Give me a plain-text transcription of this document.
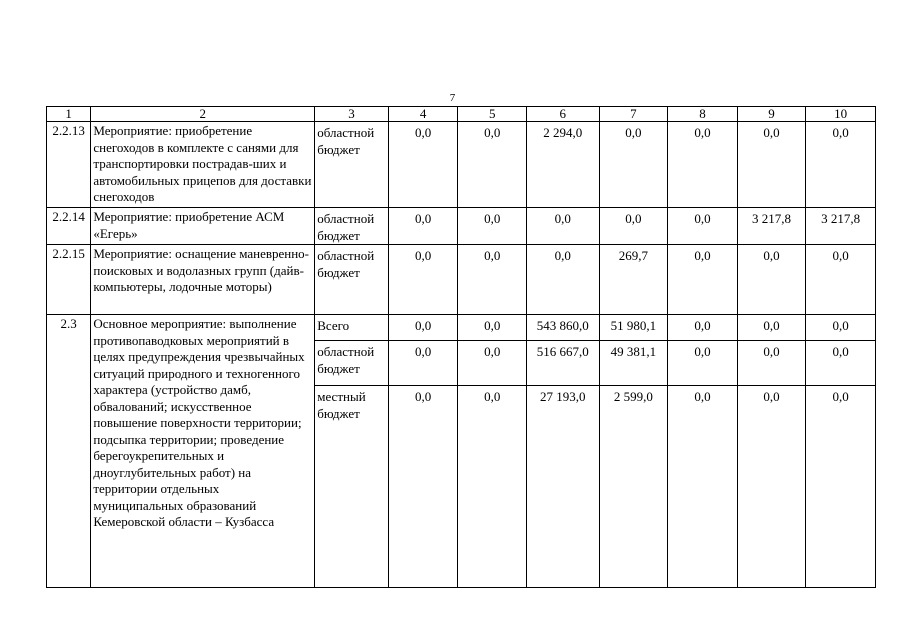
7
1	2	3	4	5	6	7	8	9	10
2.2.13	Мероприятие: приобретение снегоходов в комплекте с санями для транспортировки пострадав-ших и автомобильных прицепов для доставки снегоходов	областной бюджет	0,0	0,0	2 294,0	0,0	0,0	0,0	0,0
2.2.14	Мероприятие: приобретение АСМ «Егерь»	областной бюджет	0,0	0,0	0,0	0,0	0,0	3 217,8	3 217,8
2.2.15	Мероприятие: оснащение маневренно-поисковых и водолазных групп (дайв-компьютеры, лодочные моторы)	областной бюджет	0,0	0,0	0,0	269,7	0,0	0,0	0,0
2.3	Основное мероприятие: выполнение противопаводковых мероприятий в целях предупреждения чрезвычайных ситуаций природного и техногенного характера (устройство дамб, обвалований; искусственное повышение поверхности территории; подсыпка территории; проведение берегоукрепительных и дноуглубительных работ) на территории отдельных муниципальных образований Кемеровской области – Кузбасса	Всего	0,0	0,0	543 860,0	51 980,1	0,0	0,0	0,0
		областной бюджет	0,0	0,0	516 667,0	49 381,1	0,0	0,0	0,0
		местный бюджет	0,0	0,0	27 193,0	2 599,0	0,0	0,0	0,0
